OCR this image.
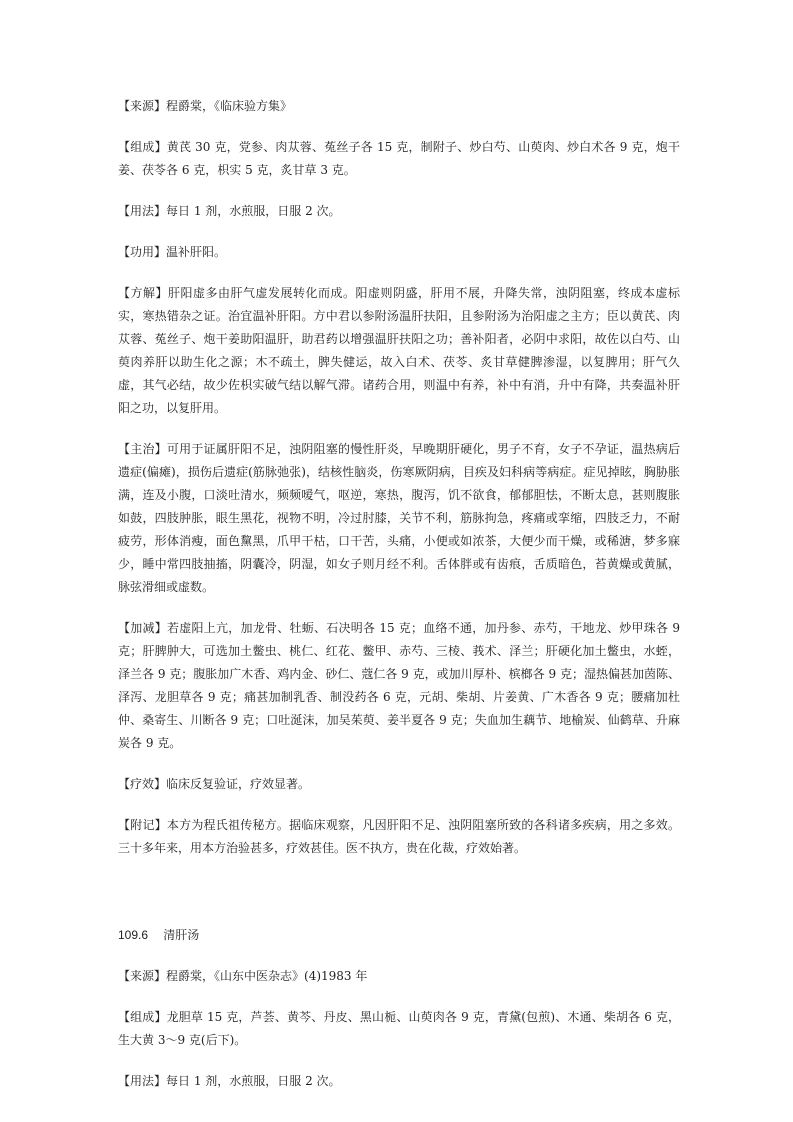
【来源】程爵棠，《临床验方集》

【组成】黄芪 30 克，党参、肉苁蓉、菟丝子各 15 克，制附子、炒白芍、山萸肉、炒白术各 9 克，炮干姜、茯苓各 6 克，枳实 5 克，炙甘草 3 克。

【用法】每日 1 剂，水煎服，日服 2 次。

【功用】温补肝阳。

【方解】肝阳虚多由肝气虚发展转化而成。阳虚则阴盛，肝用不展，升降失常，浊阴阻塞，终成本虚标实，寒热错杂之证。治宜温补肝阳。方中君以参附汤温肝扶阳，且参附汤为治阳虚之主方；臣以黄芪、肉苁蓉、菟丝子、炮干姜助阳温肝，助君药以增强温肝扶阳之功；善补阳者，必阴中求阳，故佐以白芍、山萸肉养肝以助生化之源；木不疏土，脾失健运，故入白术、茯苓、炙甘草健脾渗湿，以复脾用；肝气久虚，其气必结，故少佐枳实破气结以解气滞。诸药合用，则温中有养，补中有消，升中有降，共奏温补肝阳之功，以复肝用。

【主治】可用于证属肝阳不足，浊阴阻塞的慢性肝炎，早晚期肝硬化，男子不育，女子不孕证，温热病后遗症(偏瘫)，损伤后遗症(筋脉弛张)，结核性脑炎，伤寒厥阴病，目疾及妇科病等病症。症见掉眩，胸胁胀满，连及小腹，口淡吐清水，频频嗳气，呕逆，寒热，腹泻，饥不欲食，郁郁胆怯，不断太息，甚则腹胀如鼓，四肢肿胀，眼生黑花，视物不明，冷过肘膝，关节不利，筋脉拘急，疼痛或挛缩，四肢乏力，不耐疲劳，形体消瘦，面色黧黑，爪甲干枯，口干苦，头痛，小便或如浓茶，大便少而干燥，或稀溏，梦多寐少，睡中常四肢抽搐，阴囊冷，阴湿，如女子则月经不利。舌体胖或有齿痕，舌质暗色，苔黄燥或黄腻，脉弦滑细或虚数。

【加减】若虚阳上亢，加龙骨、牡蛎、石决明各 15 克；血络不通，加丹参、赤芍，干地龙、炒甲珠各 9 克；肝脾肿大，可选加土鳖虫、桃仁、红花、鳖甲、赤芍、三棱、莪术、泽兰；肝硬化加土鳖虫，水蛭，泽兰各 9 克；腹胀加广木香、鸡内金、砂仁、蔻仁各 9 克，或加川厚朴、槟榔各 9 克；湿热偏甚加茵陈、泽泻、龙胆草各 9 克；痛甚加制乳香、制没药各 6 克，元胡、柴胡、片姜黄、广木香各 9 克；腰痛加杜仲、桑寄生、川断各 9 克；口吐涎沫，加吴茱萸、姜半夏各 9 克；失血加生藕节、地榆炭、仙鹤草、升麻炭各 9 克。

【疗效】临床反复验证，疗效显著。

【附记】本方为程氏祖传秘方。据临床观察，凡因肝阳不足、浊阴阻塞所致的各科诸多疾病，用之多效。三十多年来，用本方治验甚多，疗效甚佳。医不执方，贵在化裁，疗效始著。

109.6 清肝汤

【来源】程爵棠，《山东中医杂志》(4)1983 年

【组成】龙胆草 15 克，芦荟、黄芩、丹皮、黑山栀、山萸肉各 9 克，青黛(包煎)、木通、柴胡各 6 克，生大黄 3～9 克(后下)。

【用法】每日 1 剂，水煎服，日服 2 次。
